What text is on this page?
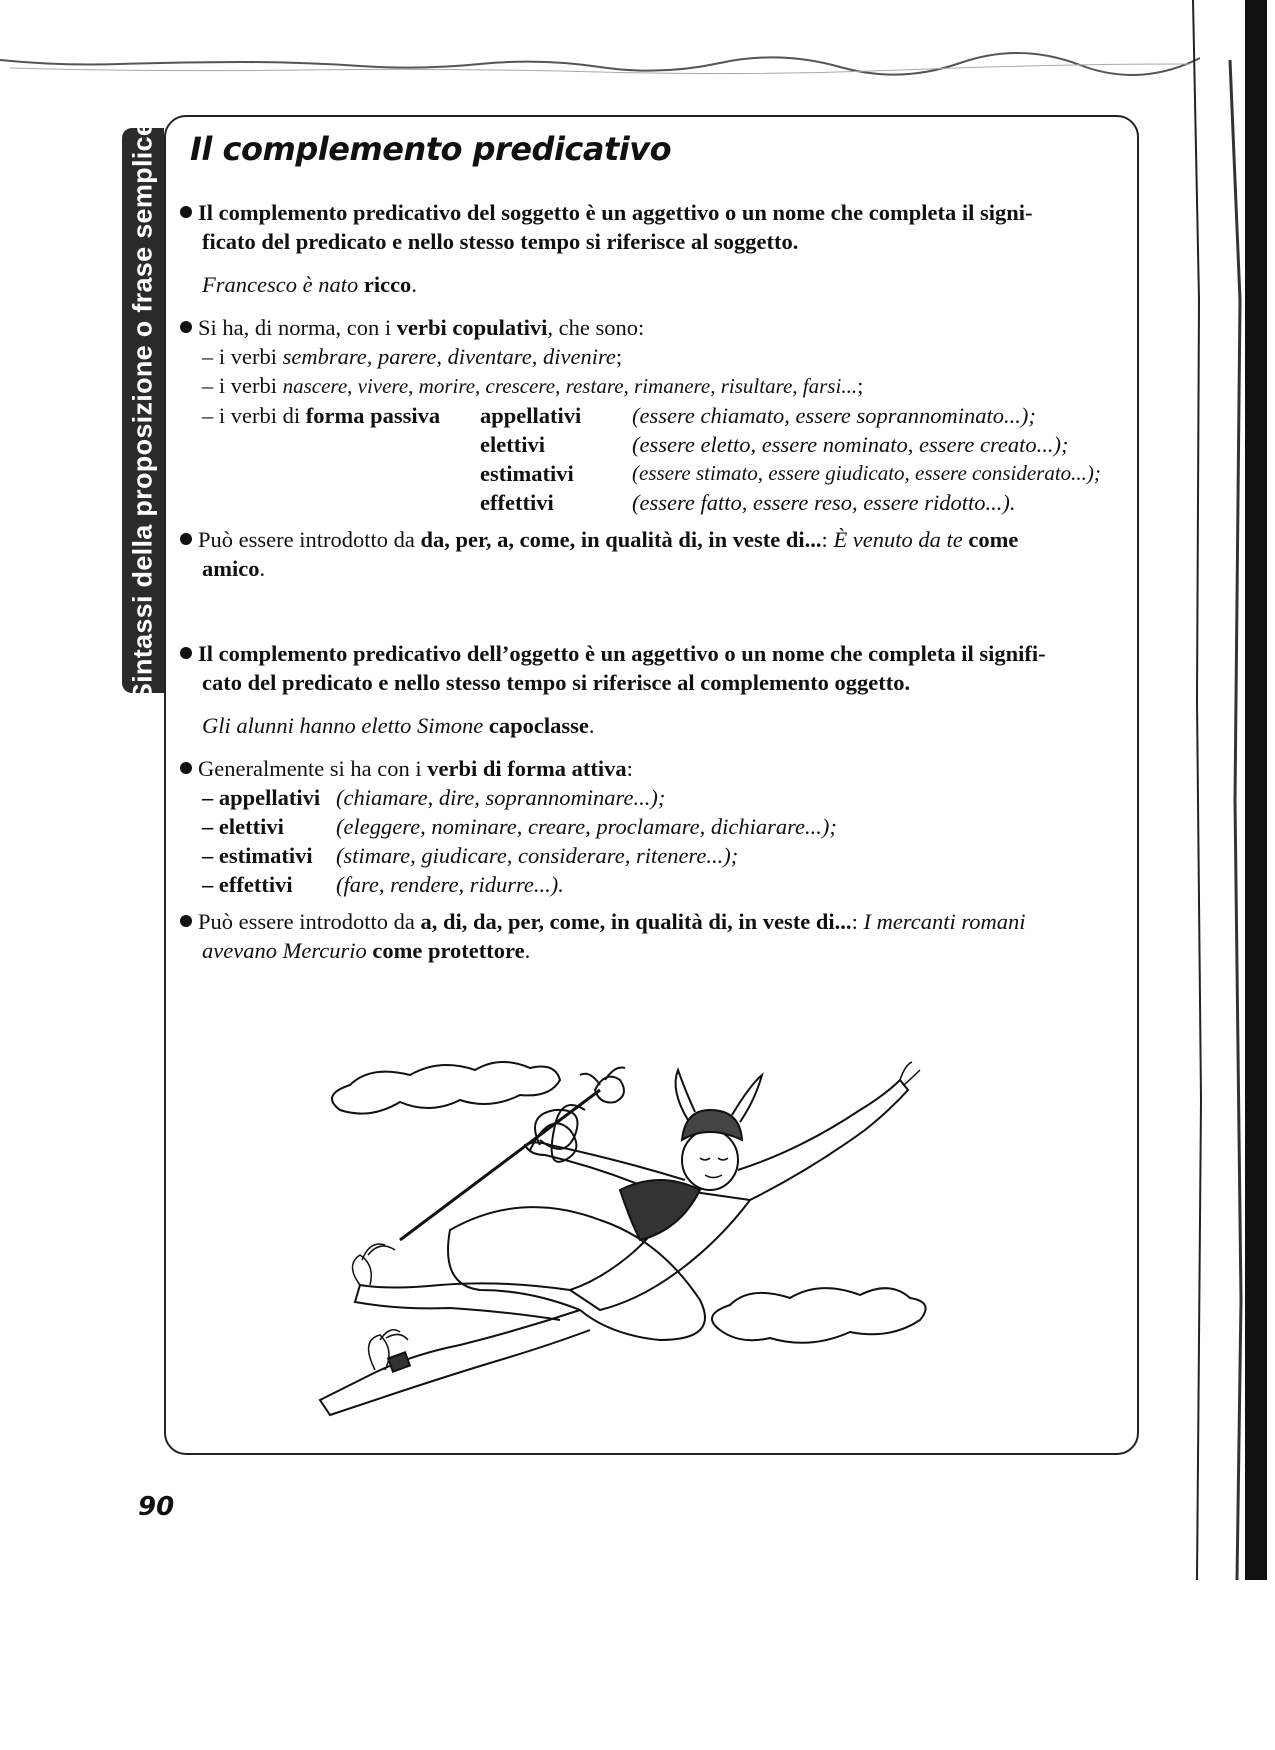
Sintassi della proposizione o frase semplice Il complemento predicativo

Il complemento predicativo del soggetto è un aggettivo o un nome che completa il signi-
ficato del predicato e nello stesso tempo si riferisce al soggetto.

Francesco è nato ricco.

Si ha, di norma, con i verbi copulativi, che sono:

– i verbi sembrare, parere, diventare, divenire;

– i verbi nascere, vivere, morire, crescere, restare, rimanere, risultare, farsi...;

– i verbi di forma passiva	appellativi	(essere chiamato, essere soprannominato...);
elettivi	(essere eletto, essere nominato, essere creato...);
estimativi	(essere stimato, essere giudicato, essere considerato...);
effettivi	(essere fatto, essere reso, essere ridotto...).

Può essere introdotto da da, per, a, come, in qualità di, in veste di...: È venuto da te come
amico.

Il complemento predicativo dell’oggetto è un aggettivo o un nome che completa il signifi-
cato del predicato e nello stesso tempo si riferisce al complemento oggetto.

Gli alunni hanno eletto Simone capoclasse.

Generalmente si ha con i verbi di forma attiva:

– appellativi (chiamare, dire, soprannominare...);
– elettivi	(eleggere, nominare, creare, proclamare, dichiarare...);
– estimativi	(stimare, giudicare, considerare, ritenere...);
– effettivi	(fare, rendere, ridurre...).

Può essere introdotto da a, di, da, per, come, in qualità di, in veste di...: I mercanti romani
avevano Mercurio come protettore.

90
